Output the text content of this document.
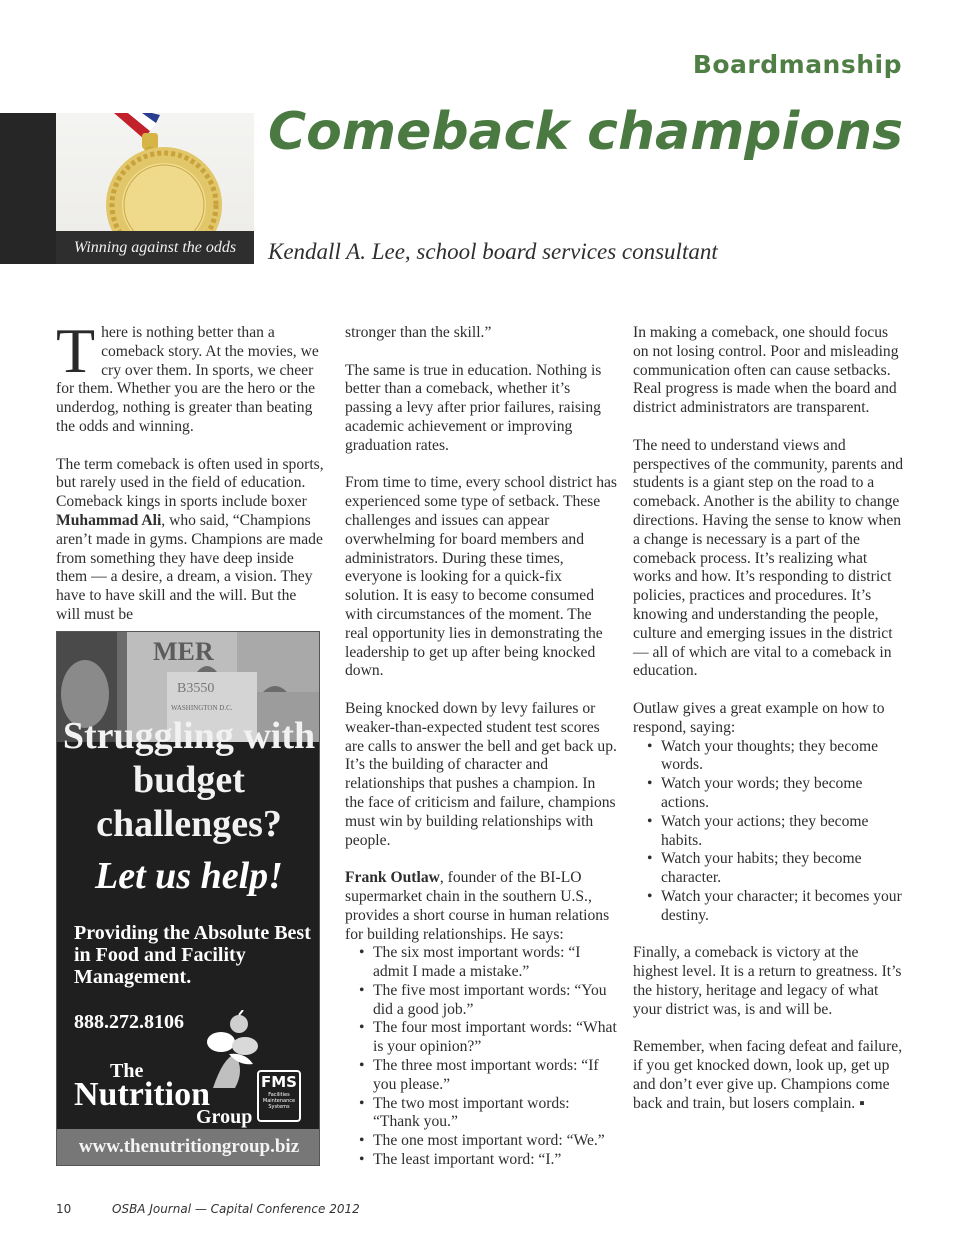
Boardmanship
Winning against the odds
Comeback champions
Kendall A. Lee, school board services consultant

There is nothing better than a comeback story. At the movies, we cry over them. In sports, we cheer for them. Whether you are the hero or the underdog, nothing is greater than beating the odds and winning.

The term comeback is often used in sports, but rarely used in the field of education. Comeback kings in sports include boxer Muhammad Ali, who said, “Champions aren’t made in gyms. Champions are made from something they have deep inside them — a desire, a dream, a vision. They have to have skill and the will. But the will must be

MER
B3550
WASHINGTON D.C.
Struggling with budget challenges?
Let us help!
Providing the Absolute Best in Food and Facility Management.
888.272.8106
The
Nutrition
Group
FMS
Facilities Maintenance Systems
www.thenutritiongroup.biz

stronger than the skill.”

The same is true in education. Nothing is better than a comeback, whether it’s passing a levy after prior failures, raising academic achievement or improving graduation rates.

From time to time, every school district has experienced some type of setback. These challenges and issues can appear overwhelming for board members and administrators. During these times, everyone is looking for a quick-fix solution. It is easy to become consumed with circumstances of the moment. The real opportunity lies in demonstrating the leadership to get up after being knocked down.

Being knocked down by levy failures or weaker-than-expected student test scores are calls to answer the bell and get back up. It’s the building of character and relationships that pushes a champion. In the face of criticism and failure, champions must win by building relationships with people.

Frank Outlaw, founder of the BI-LO supermarket chain in the southern U.S., provides a short course in human relations for building relationships. He says:

• The six most important words: “I admit I made a mistake.”
• The five most important words: “You did a good job.”
• The four most important words: “What is your opinion?”
• The three most important words: “If you please.”
• The two most important words: “Thank you.”
• The one most important word: “We.”
• The least important word: “I.”

In making a comeback, one should focus on not losing control. Poor and misleading communication often can cause setbacks. Real progress is made when the board and district administrators are transparent.

The need to understand views and perspectives of the community, parents and students is a giant step on the road to a comeback. Another is the ability to change directions. Having the sense to know when a change is necessary is a part of the comeback process. It’s realizing what works and how. It’s responding to district policies, practices and procedures. It’s knowing and understanding the people, culture and emerging issues in the district — all of which are vital to a comeback in education.

Outlaw gives a great example on how to respond, saying:

• Watch your thoughts; they become words.
• Watch your words; they become actions.
• Watch your actions; they become habits.
• Watch your habits; they become character.
• Watch your character; it becomes your destiny.

Finally, a comeback is victory at the highest level. It is a return to greatness. It’s the history, heritage and legacy of what your district was, is and will be.

Remember, when facing defeat and failure, if you get knocked down, look up, get up and don’t ever give up. Champions come back and train, but losers complain. ▪

10	OSBA Journal — Capital Conference 2012
